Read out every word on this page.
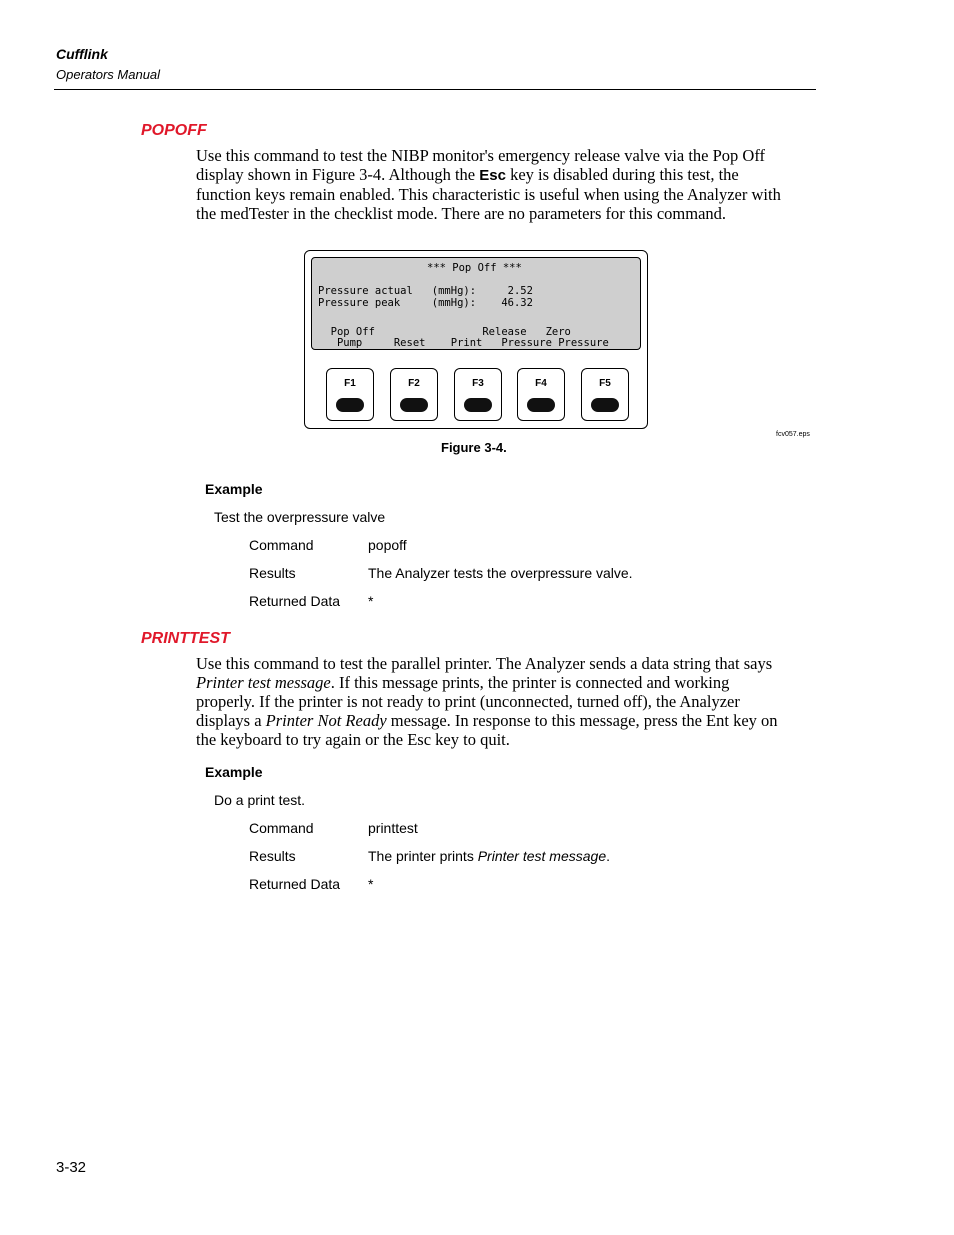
Cufflink
Operators Manual
POPOFF
Use this command to test the NIBP monitor's emergency release valve via the Pop Off
display shown in Figure 3-4. Although the Esc key is disabled during this test, the
function keys remain enabled. This characteristic is useful when using the Analyzer with
the medTester in the checklist mode. There are no parameters for this command.
*** Pop Off ***
Pressure actual   (mmHg):     2.52
Pressure peak     (mmHg):    46.32
Pop Off                 Release   Zero
Pump     Reset    Print   Pressure Pressure
F1	F2	F3	F4	F5
fcv057.eps
Figure 3-4.
Example
Test the overpressure valve
Command	popoff
Results	The Analyzer tests the overpressure valve.
Returned Data *
PRINTTEST
Use this command to test the parallel printer. The Analyzer sends a data string that says
Printer test message. If this message prints, the printer is connected and working
properly. If the printer is not ready to print (unconnected, turned off), the Analyzer
displays a Printer Not Ready message. In response to this message, press the Ent key on
the keyboard to try again or the Esc key to quit.
Example
Do a print test.
Command	printtest
Results	The printer prints Printer test message.
Returned Data *
3-32
